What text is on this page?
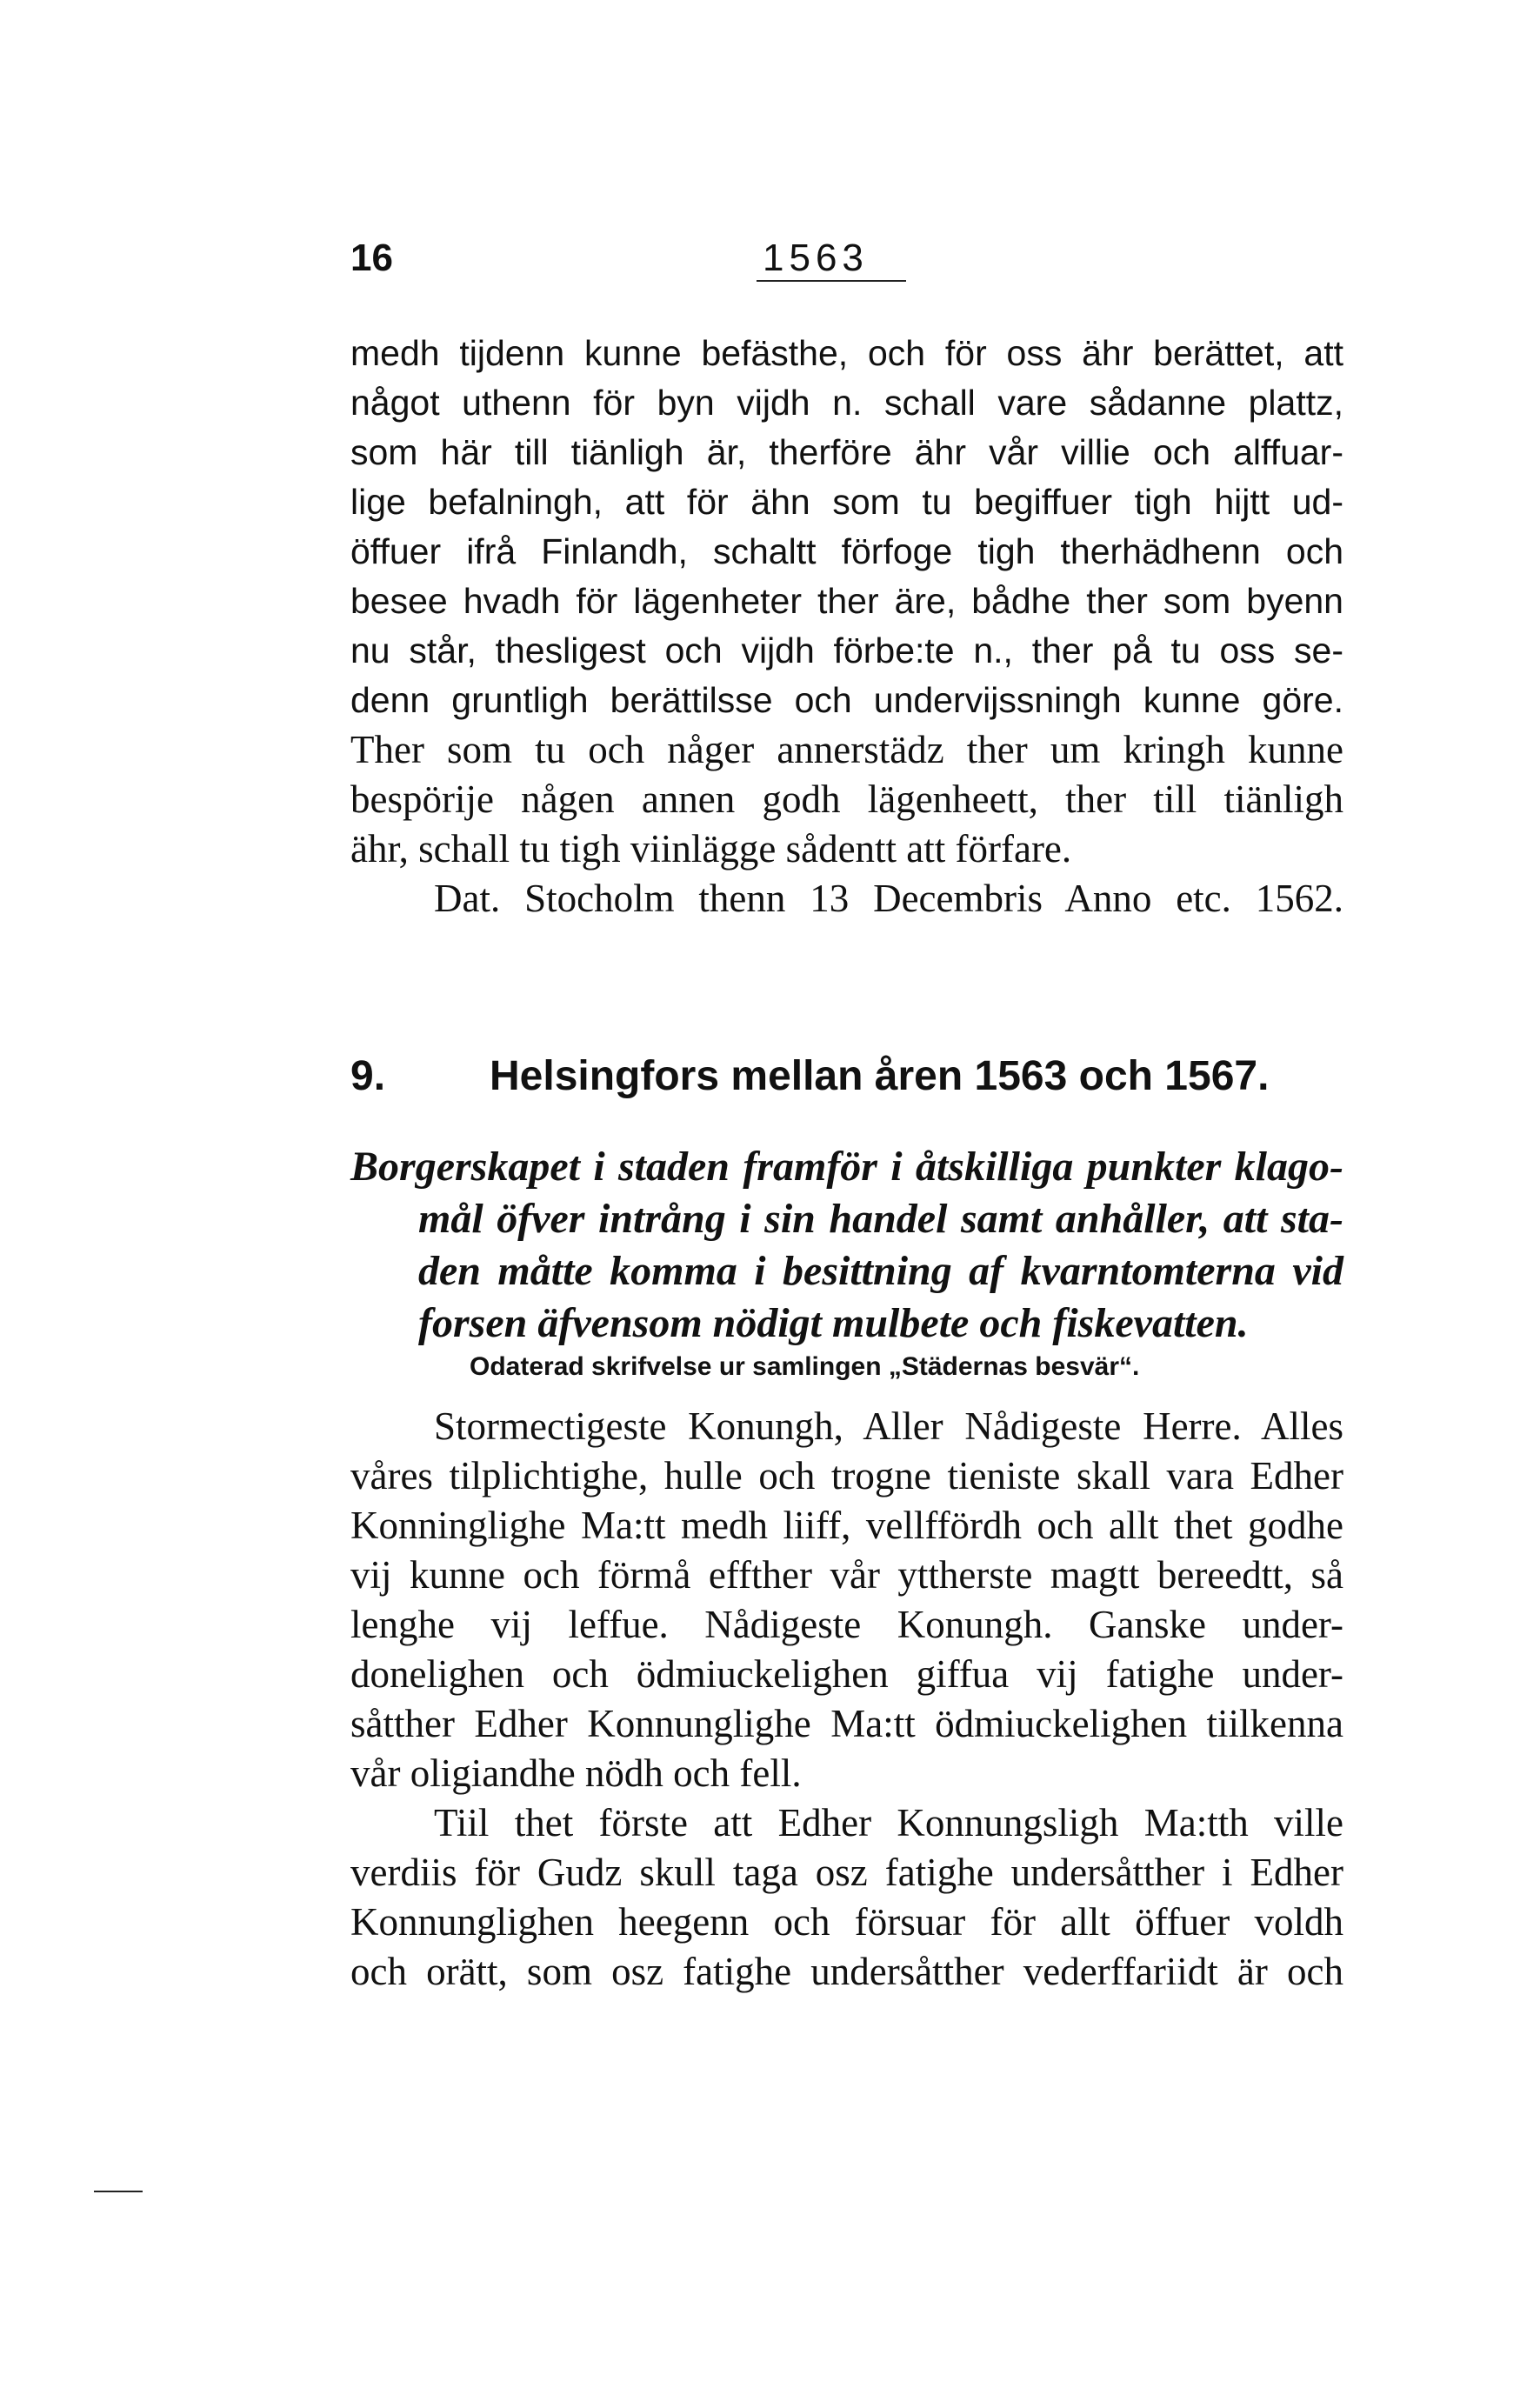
16	1563
medh tijdenn kunne befästhe, och för oss ähr berättet, att
något uthenn för byn vijdh n. schall vare sådanne plattz,
som här till tiänligh är, therföre ähr vår villie och alffuar-
lige befalningh, att för ähn som tu begiffuer tigh hijtt ud-
öffuer ifrå Finlandh, schaltt förfoge tigh therhädhenn och
besee hvadh för lägenheter ther äre, bådhe ther som byenn
nu står, thesligest och vijdh förbe:te n., ther på tu oss se-
denn gruntligh berättilsse och undervijssningh kunne göre.
Ther som tu och någer annerstädz ther um kringh kunne
bespörije någen annen godh lägenheett, ther till tiänligh
ähr, schall tu tigh viinlägge sådentt att förfare.
Dat. Stocholm thenn 13 Decembris Anno etc. 1562.
9. Helsingfors mellan åren 1563 och 1567.
Borgerskapet i staden framför i åtskilliga punkter klago-
mål öfver intrång i sin handel samt anhåller, att sta-
den måtte komma i besittning af kvarntomterna vid
forsen äfvensom nödigt mulbete och fiskevatten.
Odaterad skrifvelse ur samlingen „Städernas besvär“.
Stormectigeste Konungh, Aller Nådigeste Herre. Alles
våres tilplichtighe, hulle och trogne tieniste skall vara Edher
Konninglighe Ma:tt medh liiff, vellffördh och allt thet godhe
vij kunne och förmå effther vår yttherste magtt bereedtt, så
lenghe vij leffue. Nådigeste Konungh. Ganske under-
donelighen och ödmiuckelighen giffua vij fatighe under-
såtther Edher Konnunglighe Ma:tt ödmiuckelighen tiilkenna
vår oligiandhe nödh och fell.
Tiil thet förste att Edher Konnungsligh Ma:tth ville
verdiis för Gudz skull taga osz fatighe undersåtther i Edher
Konnunglighen heegenn och försuar för allt öffuer voldh
och orätt, som osz fatighe undersåtther vederffariidt är och
